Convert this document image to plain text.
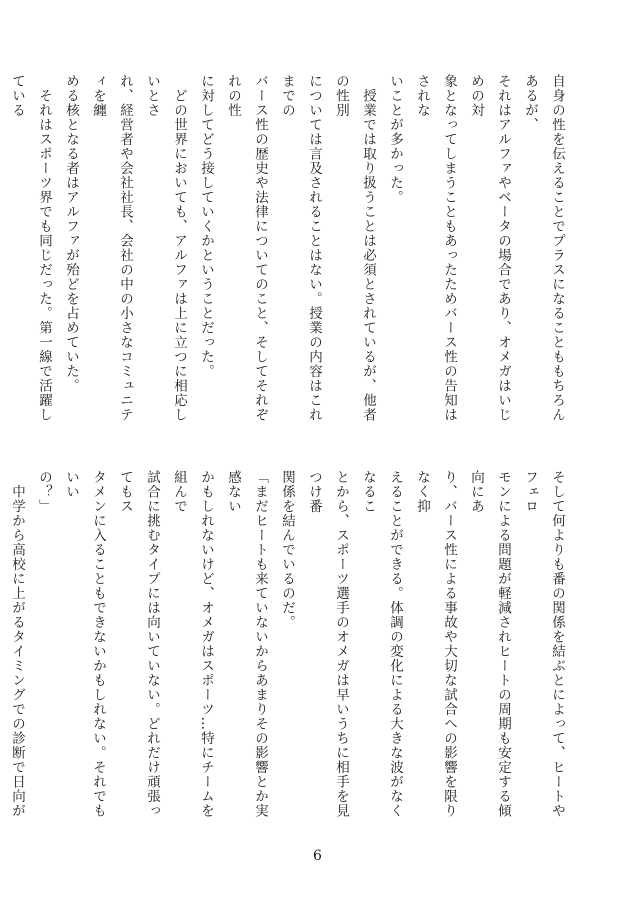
自身の性を伝えることでプラスになることももちろんあるが、

それはアルファやベータの場合であり、オメガはいじめの対

象となってしまうこともあったためバース性の告知はされな

いことが多かった。

　授業では取り扱うことは必須とされているが、他者の性別

については言及されることはない。授業の内容はこれまでの

バース性の歴史や法律についてのこと、そしてそれぞれの性

に対してどう接していくかということだった。

　どの世界においても、アルファは上に立つに相応しいとさ

れ、経営者や会社社長、会社の中の小さなコミュニティを纏

める核となる者はアルファが殆どを占めていた。

　それはスポーツ界でも同じだった。第一線で活躍している

そして何よりも番の関係を結ぶとによって、ヒートやフェロ

モンによる問題が軽減されヒートの周期も安定する傾向にあ

り、バース性による事故や大切な試合への影響を限りなく抑

えることができる。体調の変化による大きな波がなくなるこ

とから、スポーツ選手のオメガは早いうちに相手を見つけ番

関係を結んでいるのだ。

「まだヒートも来ていないからあまりその影響とか実感ない

かもしれないけど、オメガはスポーツ…特にチームを組んで

試合に挑むタイプには向いていない。どれだけ頑張ってもス

タメンに入ることもできないかもしれない。それでもいい

の？」

　中学から高校に上がるタイミングでの診断で日向が

6
